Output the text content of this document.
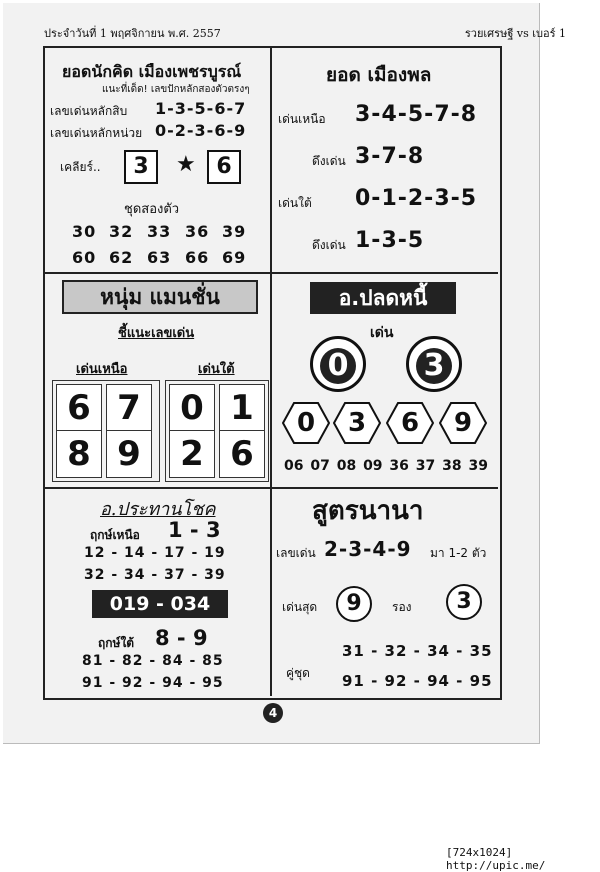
ประจำวันที่ 1 พฤศจิกายน พ.ศ. 2557	รวยเศรษฐี vs เบอร์ 1
ยอดนักคิด เมืองเพชรบูรณ์
แนะที่เด็ด! เลขปักหลักสองตัวตรงๆ
เลขเด่นหลักสิบ 1-3-5-6-7
เลขเด่นหลักหน่วย 0-2-3-6-9
เคลียร์..	3	★ 6
ชุดสองตัว
30 32 33 36 39
60 62 63 66 69
ยอด เมืองพล
เด่นเหนือ 3-4-5-7-8
ดึงเด่น 3-7-8
เด่นใต้ 0-1-2-3-5
ดึงเด่น 1-3-5
หนุ่ม แมนชั่น
ชี้แนะเลขเด่น
เด่นเหนือ	เด่นใต้
6 7
8 9
0 1
2 6
อ.ปลดหนี้
เด่น
0	3
0	3	6	9
06 07 08 09 36 37 38 39
อ.ประทานโชค
ฤกษ์เหนือ 1 - 3
12 - 14 - 17 - 19
32 - 34 - 37 - 39
019 - 034
ฤกษ์ใต้ 8 - 9
81 - 82 - 84 - 85
91 - 92 - 94 - 95
สูตรนานา
เลขเด่น 2-3-4-9 มา 1-2 ตัว
เด่นสุด	9	รอง	3
คู่ชุด
31 - 32 - 34 - 35
91 - 92 - 94 - 95
4
[724x1024] http://upic.me/
